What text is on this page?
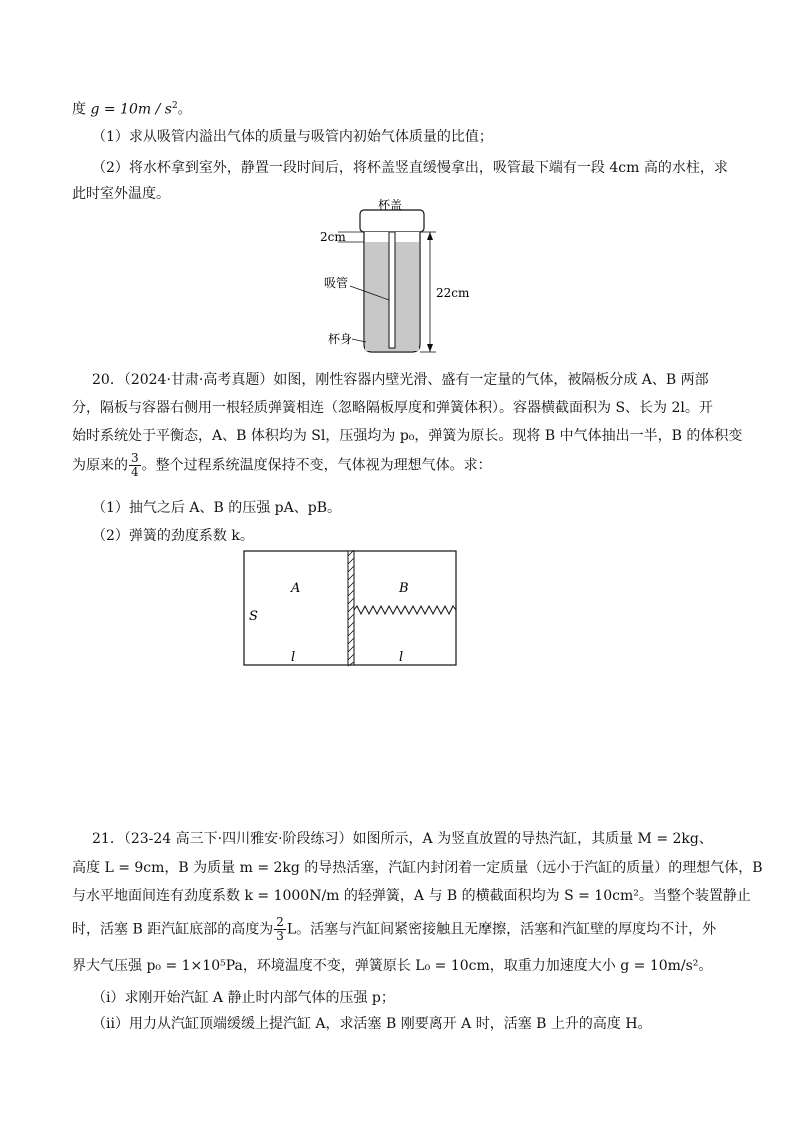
度 $g = 10m / s^2$。
（1）求从吸管内溢出气体的质量与吸管内初始气体质量的比值；
（2）将水杯拿到室外，静置一段时间后，将杯盖竖直缓慢拿出，吸管最下端有一段 4cm 高的水柱，求
此时室外温度。
杯盖
2cm
22cm
吸管
杯身
20．（2024·甘肃·高考真题）如图，刚性容器内壁光滑、盛有一定量的气体，被隔板分成 A、B 两部
分，隔板与容器右侧用一根轻质弹簧相连（忽略隔板厚度和弹簧体积）。容器横截面积为 S、长为 2l。开
始时系统处于平衡态，A、B 体积均为 Sl，压强均为 p₀，弹簧为原长。现将 B 中气体抽出一半，B 的体积变
为原来的 $\frac{3}{4}$ 。整个过程系统温度保持不变，气体视为理想气体。求：
（1）抽气之后 A、B 的压强 pA、pB。
（2）弹簧的劲度系数 k。
A	B
S
l	l
21．（23-24 高三下·四川雅安·阶段练习）如图所示，A 为竖直放置的导热汽缸，其质量 M = 2kg、
高度 L = 9cm，B 为质量 m = 2kg 的导热活塞，汽缸内封闭着一定质量（远小于汽缸的质量）的理想气体，B
与水平地面间连有劲度系数 k = 1000N/m 的轻弹簧，A 与 B 的横截面积均为 S = 10cm²。当整个装置静止
时，活塞 B 距汽缸底部的高度为 $\frac{2}{3}$ L。活塞与汽缸间紧密接触且无摩擦，活塞和汽缸壁的厚度均不计，外
界大气压强 p₀ = 1×10⁵Pa，环境温度不变，弹簧原长 L₀ = 10cm，取重力加速度大小 g = 10m/s²。
（i）求刚开始汽缸 A 静止时内部气体的压强 p；
（ii）用力从汽缸顶端缓缓上提汽缸 A，求活塞 B 刚要离开 A 时，活塞 B 上升的高度 H。
